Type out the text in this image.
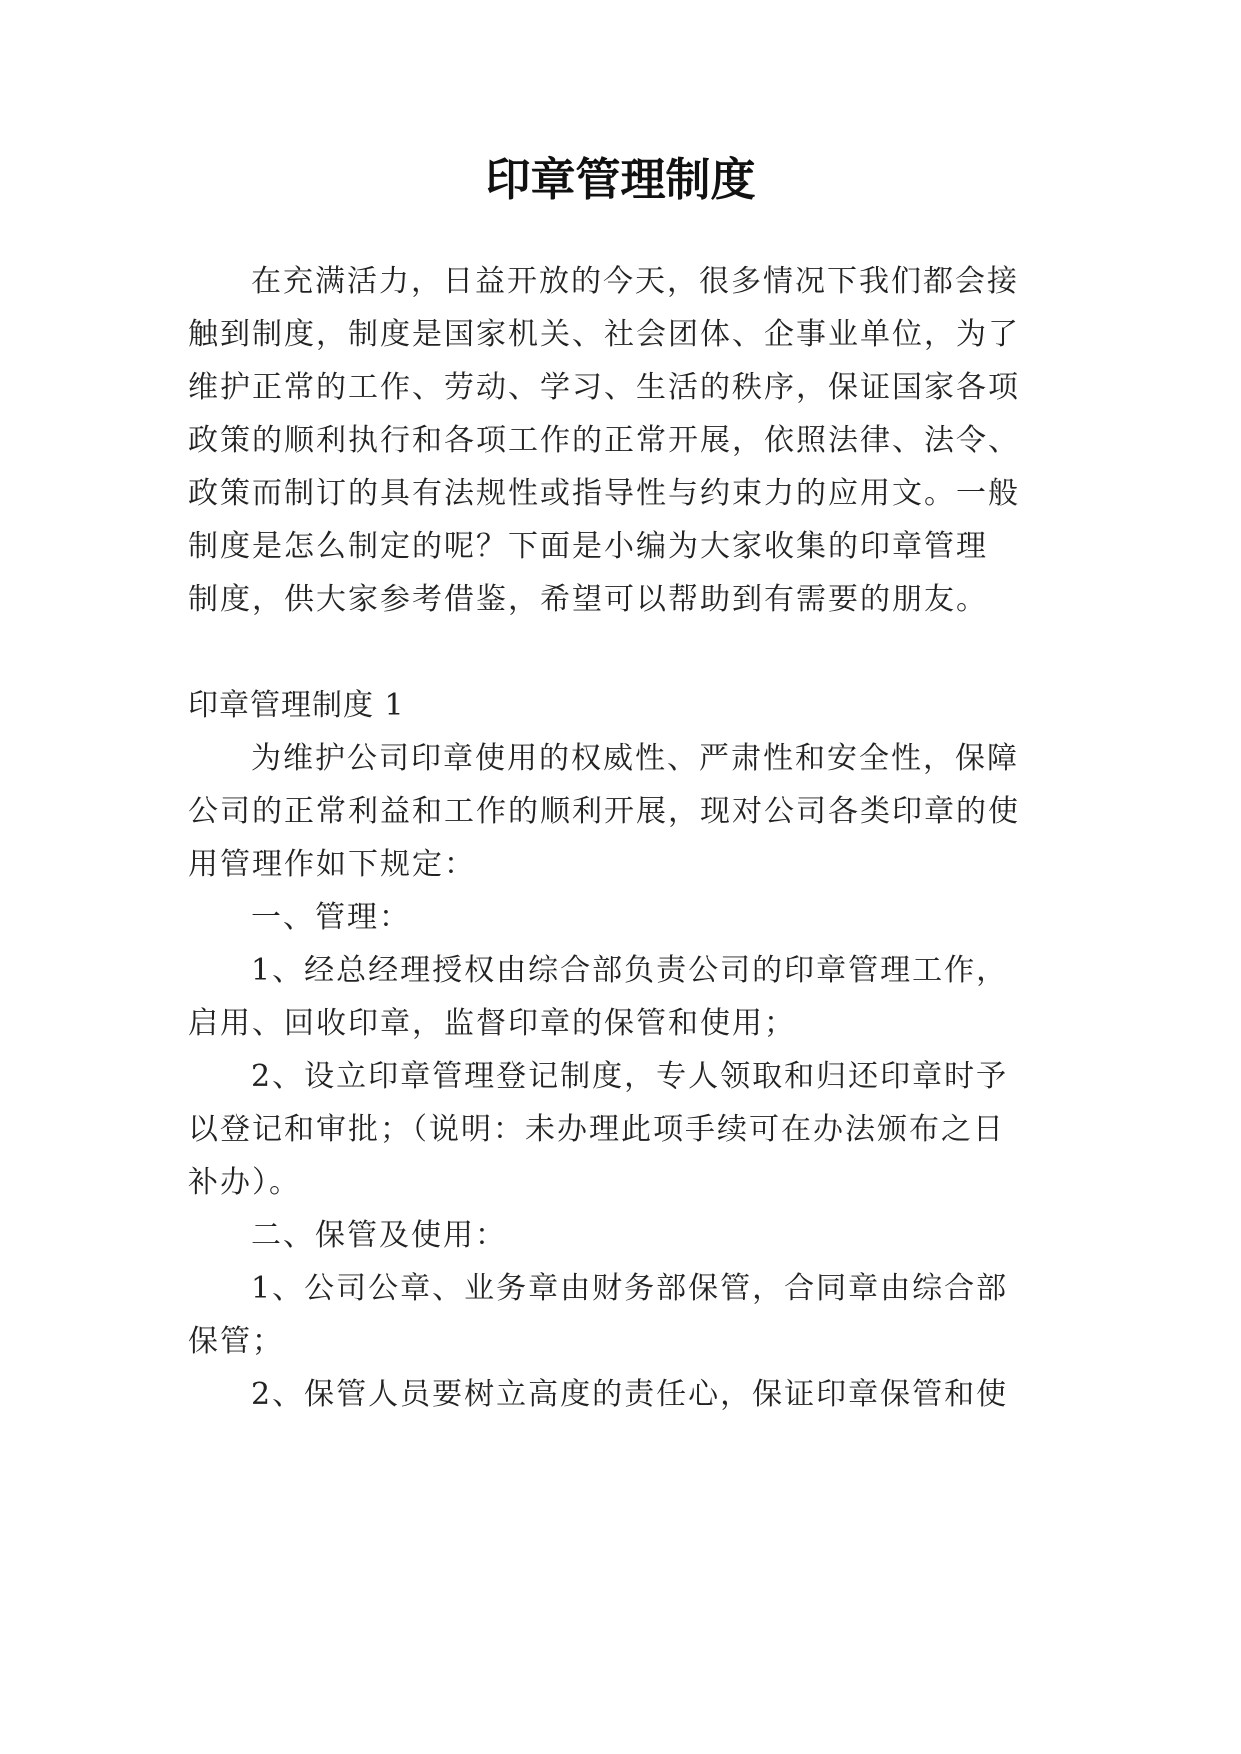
印章管理制度

在充满活力，日益开放的今天，很多情况下我们都会接

触到制度，制度是国家机关、社会团体、企事业单位，为了

维护正常的工作、劳动、学习、生活的秩序，保证国家各项

政策的顺利执行和各项工作的正常开展，依照法律、法令、

政策而制订的具有法规性或指导性与约束力的应用文。一般

制度是怎么制定的呢？下面是小编为大家收集的印章管理

制度，供大家参考借鉴，希望可以帮助到有需要的朋友。

印章管理制度 1

为维护公司印章使用的权威性、严肃性和安全性，保障

公司的正常利益和工作的顺利开展，现对公司各类印章的使

用管理作如下规定：

一、管理：

1、经总经理授权由综合部负责公司的印章管理工作，

启用、回收印章，监督印章的保管和使用；

2、设立印章管理登记制度，专人领取和归还印章时予

以登记和审批；（说明：未办理此项手续可在办法颁布之日

补办）。

二、保管及使用：

1、公司公章、业务章由财务部保管，合同章由综合部

保管；

2、保管人员要树立高度的责任心，保证印章保管和使
